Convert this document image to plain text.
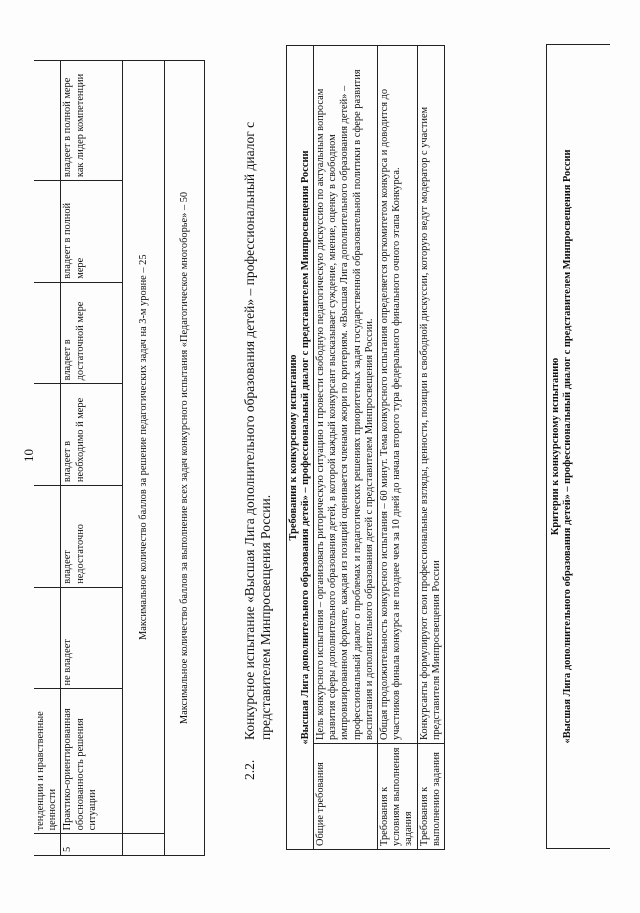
10
	тенденции и нравственные ценности						
5	Практико-ориентированная обоснованность решения ситуации	не владеет	владеет недостаточно	владеет в необходимо й мере	владеет в достаточной мере	владеет в полной мере	владеет в полной мере как лидер компетенции
	Максимальное количество баллов за решение педагогических задач на 3-м уровне – 25						
Максимальное количество баллов за выполнение всех задач конкурсного испытания «Педагогическое многоборье» – 50							
2.2.
Конкурсное испытание «Высшая Лига дополнительного образования детей» – профессиональный диалог с представителем Минпросвещения России.
Требования к конкурсному испытанию
«Высшая Лига дополнительного образования детей» – профессиональный диалог с представителем Минпросвещения России	
Общие требования	Цель конкурсного испытания – организовать риторическую ситуацию и провести свободную педагогическую дискуссию по актуальным вопросам развития сферы дополнительного образования детей, в которой каждый конкурсант высказывает суждение, мнение, оценку в свободном импровизированном формате, каждая из позиций оценивается членами жюри по критериям. «Высшая Лига дополнительного образования детей» – профессиональный диалог о проблемах и педагогических решениях приоритетных задач государственной образовательной политики в сфере развития воспитания и дополнительного образования детей с представителем Минпросвещения России.
Требования к условиям выполнения задания	Общая продолжительность конкурсного испытания – 60 минут. Тема конкурсного испытания определяется оргкомитетом конкурса и доводится до участников финала конкурса не позднее чем за 10 дней до начала второго тура федерального финального очного этапа Конкурса.
Требования к выполнению задания	Конкурсанты формулируют свои профессиональные взгляды, ценности, позиции в свободной дискуссии, которую ведут модератор с участием представителя Минпросвещения России
Критерии к конкурсному испытанию «Высшая Лига дополнительного образования детей» – профессиональный диалог с представителем Минпросвещения России
